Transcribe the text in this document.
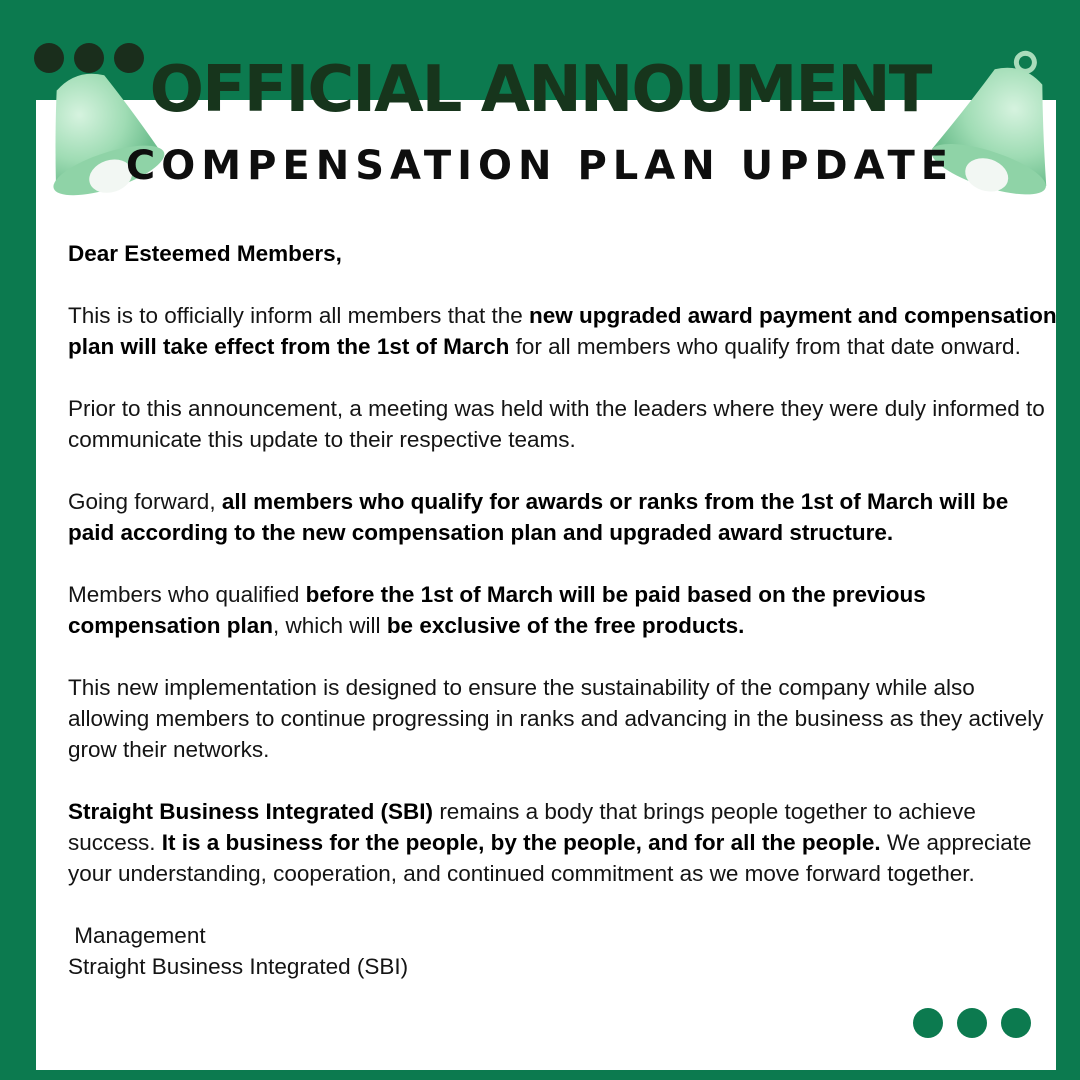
OFFICIAL ANNOUMENT
COMPENSATION PLAN UPDATE

Dear Esteemed Members,

This is to officially inform all members that the new upgraded award payment and compensation plan will take effect from the 1st of March for all members who qualify from that date onward.

Prior to this announcement, a meeting was held with the leaders where they were duly informed to communicate this update to their respective teams.

Going forward, all members who qualify for awards or ranks from the 1st of March will be paid according to the new compensation plan and upgraded award structure.

Members who qualified before the 1st of March will be paid based on the previous compensation plan, which will be exclusive of the free products.

This new implementation is designed to ensure the sustainability of the company while also allowing members to continue progressing in ranks and advancing in the business as they actively grow their networks.

Straight Business Integrated (SBI) remains a body that brings people together to achieve success. It is a business for the people, by the people, and for all the people. We appreciate your understanding, cooperation, and continued commitment as we move forward together.

Management
Straight Business Integrated (SBI)
